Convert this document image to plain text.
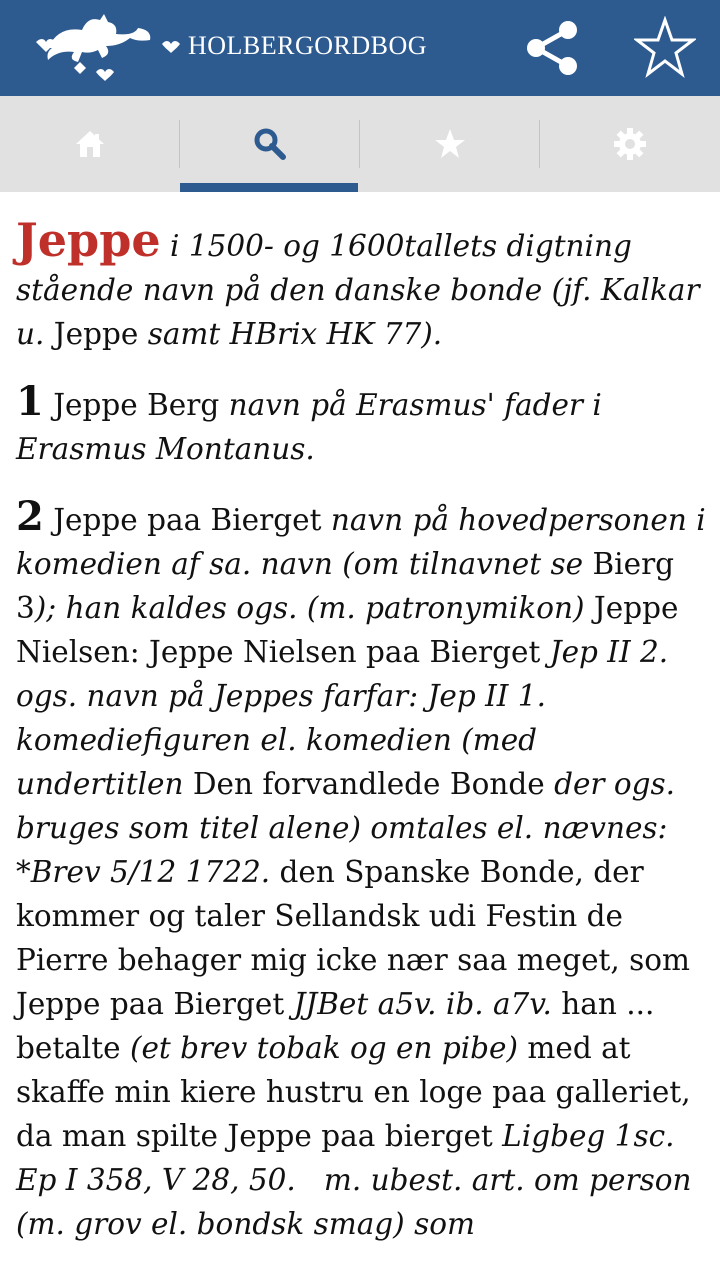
HOLBERGORDBOG

Jeppe i 1500- og 1600tallets digtning stående navn på den danske bonde (jf. Kalkar u. Jeppe samt HBrix HK 77).

1 Jeppe Berg navn på Erasmus' fader i Erasmus Montanus.

2 Jeppe paa Bierget navn på hovedpersonen i komedien af sa. navn (om tilnavnet se Bierg 3); han kaldes ogs. (m. patronymikon) Jeppe Nielsen: Jeppe Nielsen paa Bierget Jep II 2. ogs. navn på Jeppes farfar: Jep II 1. komediefiguren el. komedien (med undertitlen Den forvandlede Bonde der ogs. bruges som titel alene) omtales el. nævnes: *Brev 5/12 1722. den Spanske Bonde, der kommer og taler Sellandsk udi Festin de Pierre behager mig icke nær saa meget, som Jeppe paa Bierget JJBet a5v. ib. a7v. han ... betalte (et brev tobak og en pibe) med at skaffe min kiere hustru en loge paa galleriet, da man spilte Jeppe paa bierget Ligbeg 1sc. Ep I 358, V 28, 50. m. ubest. art. om person (m. grov el. bondsk smag) som
